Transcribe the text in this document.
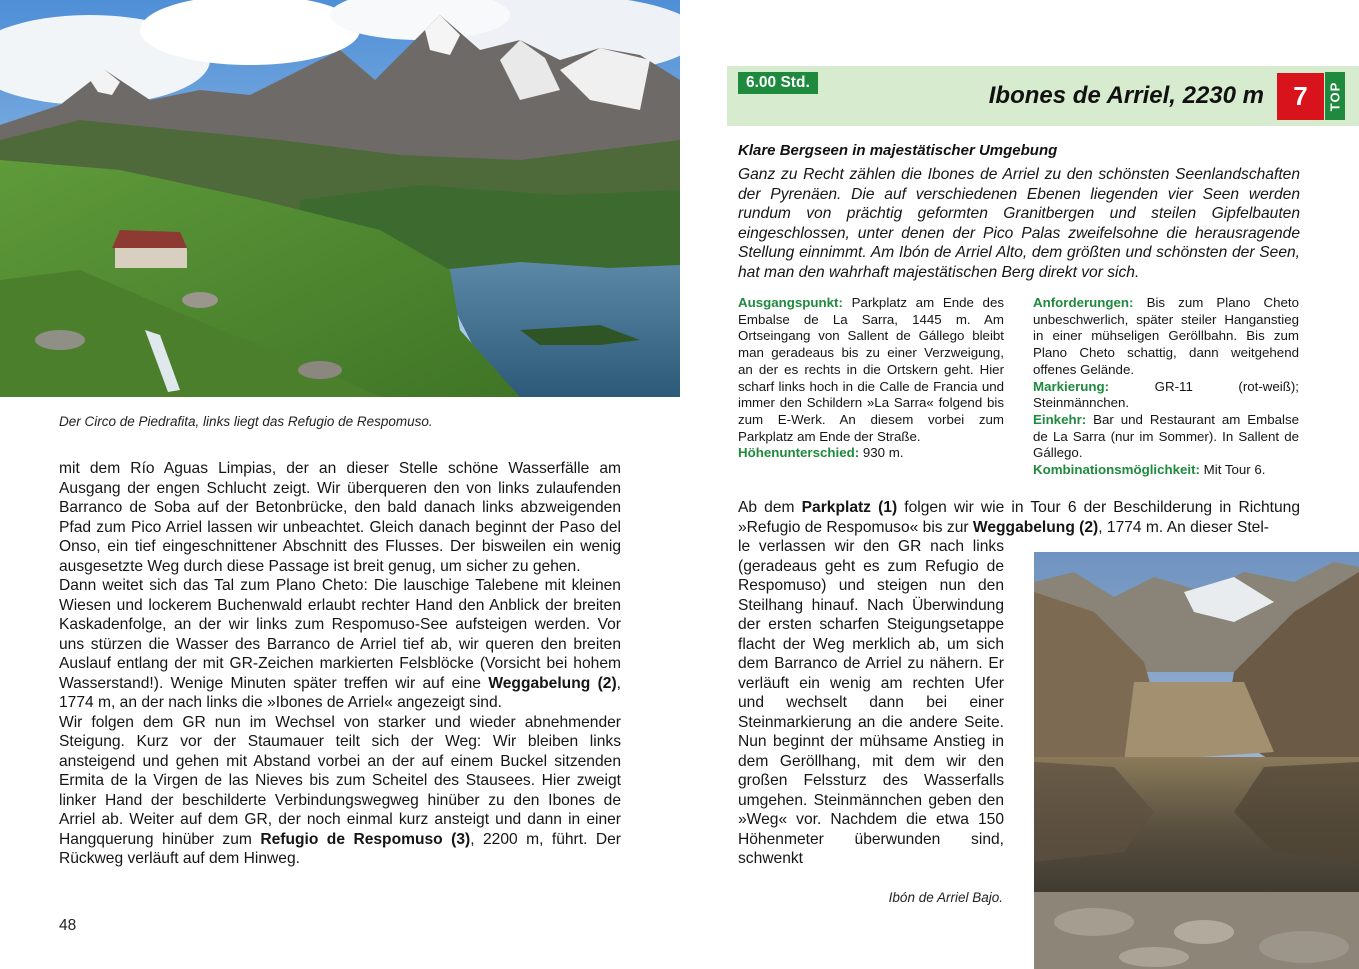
Der Circo de Piedrafita, links liegt das Refugio de Respomuso.

mit dem Río Aguas Limpias, der an dieser Stelle schöne Wasserfälle am Ausgang der engen Schlucht zeigt. Wir überqueren den von links zulaufenden Barranco de Soba auf der Betonbrücke, den bald danach links abzweigenden Pfad zum Pico Arriel lassen wir unbeachtet. Gleich danach beginnt der Paso del Onso, ein tief eingeschnittener Abschnitt des Flusses. Der bisweilen ein wenig ausgesetzte Weg durch diese Passage ist breit genug, um sicher zu gehen.

Dann weitet sich das Tal zum Plano Cheto: Die lauschige Talebene mit kleinen Wiesen und lockerem Buchenwald erlaubt rechter Hand den Anblick der breiten Kaskadenfolge, an der wir links zum Respomuso-See aufsteigen werden. Vor uns stürzen die Wasser des Barranco de Arriel tief ab, wir queren den breiten Auslauf entlang der mit GR-Zeichen markierten Felsblöcke (Vorsicht bei hohem Wasserstand!). Wenige Minuten später treffen wir auf eine Weggabelung (2), 1774 m, an der nach links die »Ibones de Arriel« angezeigt sind.

Wir folgen dem GR nun im Wechsel von starker und wieder abnehmender Steigung. Kurz vor der Staumauer teilt sich der Weg: Wir bleiben links ansteigend und gehen mit Abstand vorbei an der auf einem Buckel sitzenden Ermita de la Virgen de las Nieves bis zum Scheitel des Stausees. Hier zweigt linker Hand der beschilderte Verbindungswegweg hinüber zu den Ibones de Arriel ab. Weiter auf dem GR, der noch einmal kurz ansteigt und dann in einer Hangquerung hinüber zum Refugio de Respomuso (3), 2200 m, führt. Der Rückweg verläuft auf dem Hinweg.

48
6.00 Std.	Ibones de Arriel, 2230 m	7	TOP
Klare Bergseen in majestätischer Umgebung
Ganz zu Recht zählen die Ibones de Arriel zu den schönsten Seenlandschaften der Pyrenäen. Die auf verschiedenen Ebenen liegenden vier Seen werden rundum von prächtig geformten Granitbergen und steilen Gipfelbauten eingeschlossen, unter denen der Pico Palas zweifelsohne die herausragende Stellung einnimmt. Am Ibón de Arriel Alto, dem größten und schönsten der Seen, hat man den wahrhaft majestätischen Berg direkt vor sich.

Ausgangspunkt: Parkplatz am Ende des Embalse de La Sarra, 1445 m. Am Ortseingang von Sallent de Gállego bleibt man geradeaus bis zu einer Verzweigung, an der es rechts in die Ortskern geht. Hier scharf links hoch in die Calle de Francia und immer den Schildern »La Sarra« folgend bis zum E-Werk. An diesem vorbei zum Parkplatz am Ende der Straße.

Höhenunterschied: 930 m.

Anforderungen: Bis zum Plano Cheto unbeschwerlich, später steiler Hanganstieg in einer mühseligen Geröllbahn. Bis zum Plano Cheto schattig, dann weitgehend offenes Gelände.

Markierung: GR-11 (rot-weiß); Steinmännchen.

Einkehr: Bar und Restaurant am Embalse de La Sarra (nur im Sommer). In Sallent de Gállego.

Kombinationsmöglichkeit: Mit Tour 6.

Ab dem Parkplatz (1) folgen wir wie in Tour 6 der Beschilderung in Richtung »Refugio de Respomuso« bis zur Weggabelung (2), 1774 m. An dieser Stel-
le verlassen wir den GR nach links (geradeaus geht es zum Refugio de Respomuso) und steigen nun den Steilhang hinauf. Nach Überwindung der ersten scharfen Steigungsetappe flacht der Weg merklich ab, um sich dem Barranco de Arriel zu nähern. Er verläuft ein wenig am rechten Ufer und wechselt dann bei einer Steinmarkierung an die andere Seite. Nun beginnt der mühsame Anstieg in dem Geröllhang, mit dem wir den großen Felssturz des Wasserfalls umgehen. Steinmännchen geben den »Weg« vor. Nachdem die etwa 150 Höhenmeter überwunden sind, schwenkt
Ibón de Arriel Bajo.
